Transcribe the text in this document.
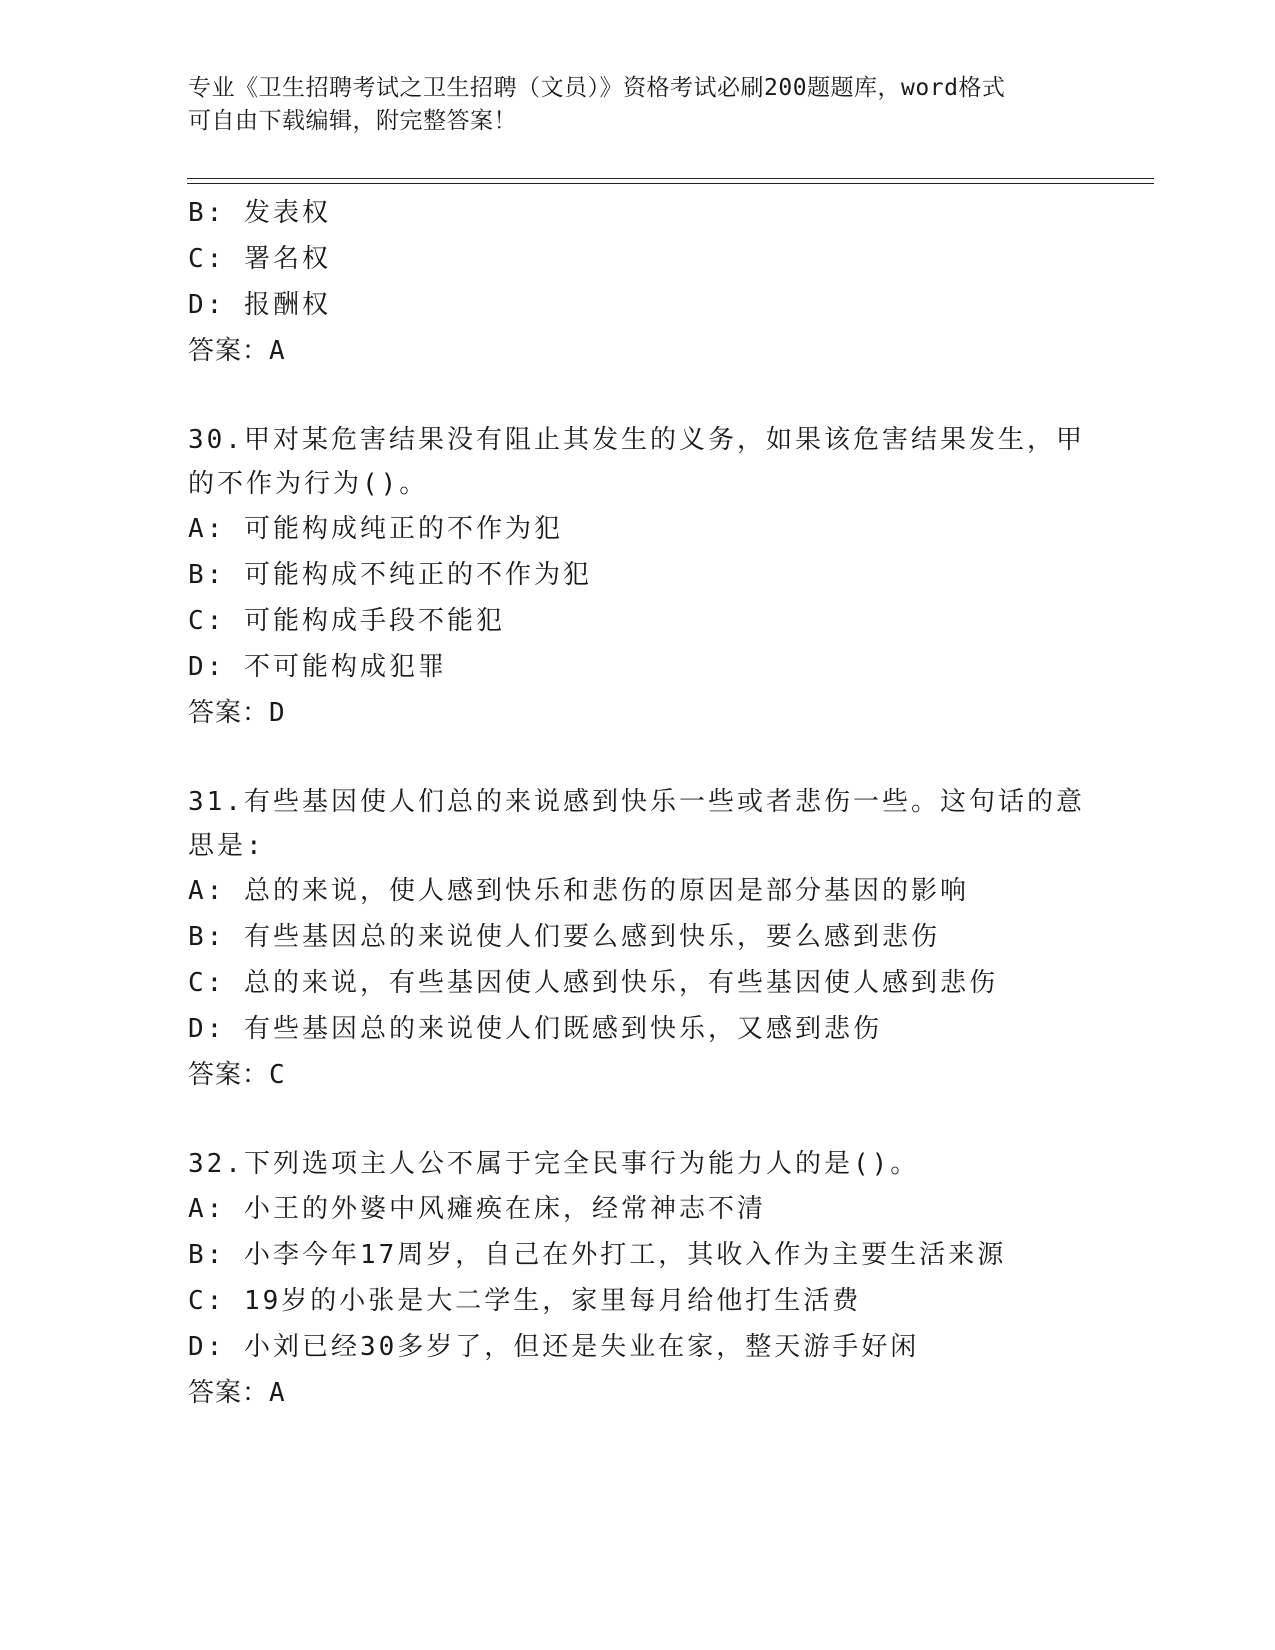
专业《卫生招聘考试之卫生招聘（文员）》资格考试必刷200题题库，word格式
可自由下载编辑，附完整答案！
B: 发表权
C: 署名权
D: 报酬权
答案：A
30.甲对某危害结果没有阻止其发生的义务，如果该危害结果发生，甲
的不作为行为()。
A: 可能构成纯正的不作为犯
B: 可能构成不纯正的不作为犯
C: 可能构成手段不能犯
D: 不可能构成犯罪
答案：D
31.有些基因使人们总的来说感到快乐一些或者悲伤一些。这句话的意
思是:
A: 总的来说，使人感到快乐和悲伤的原因是部分基因的影响
B: 有些基因总的来说使人们要么感到快乐，要么感到悲伤
C: 总的来说，有些基因使人感到快乐，有些基因使人感到悲伤
D: 有些基因总的来说使人们既感到快乐，又感到悲伤
答案：C
32.下列选项主人公不属于完全民事行为能力人的是()。
A: 小王的外婆中风瘫痪在床，经常神志不清
B: 小李今年17周岁，自己在外打工，其收入作为主要生活来源
C: 19岁的小张是大二学生，家里每月给他打生活费
D: 小刘已经30多岁了，但还是失业在家，整天游手好闲
答案：A
